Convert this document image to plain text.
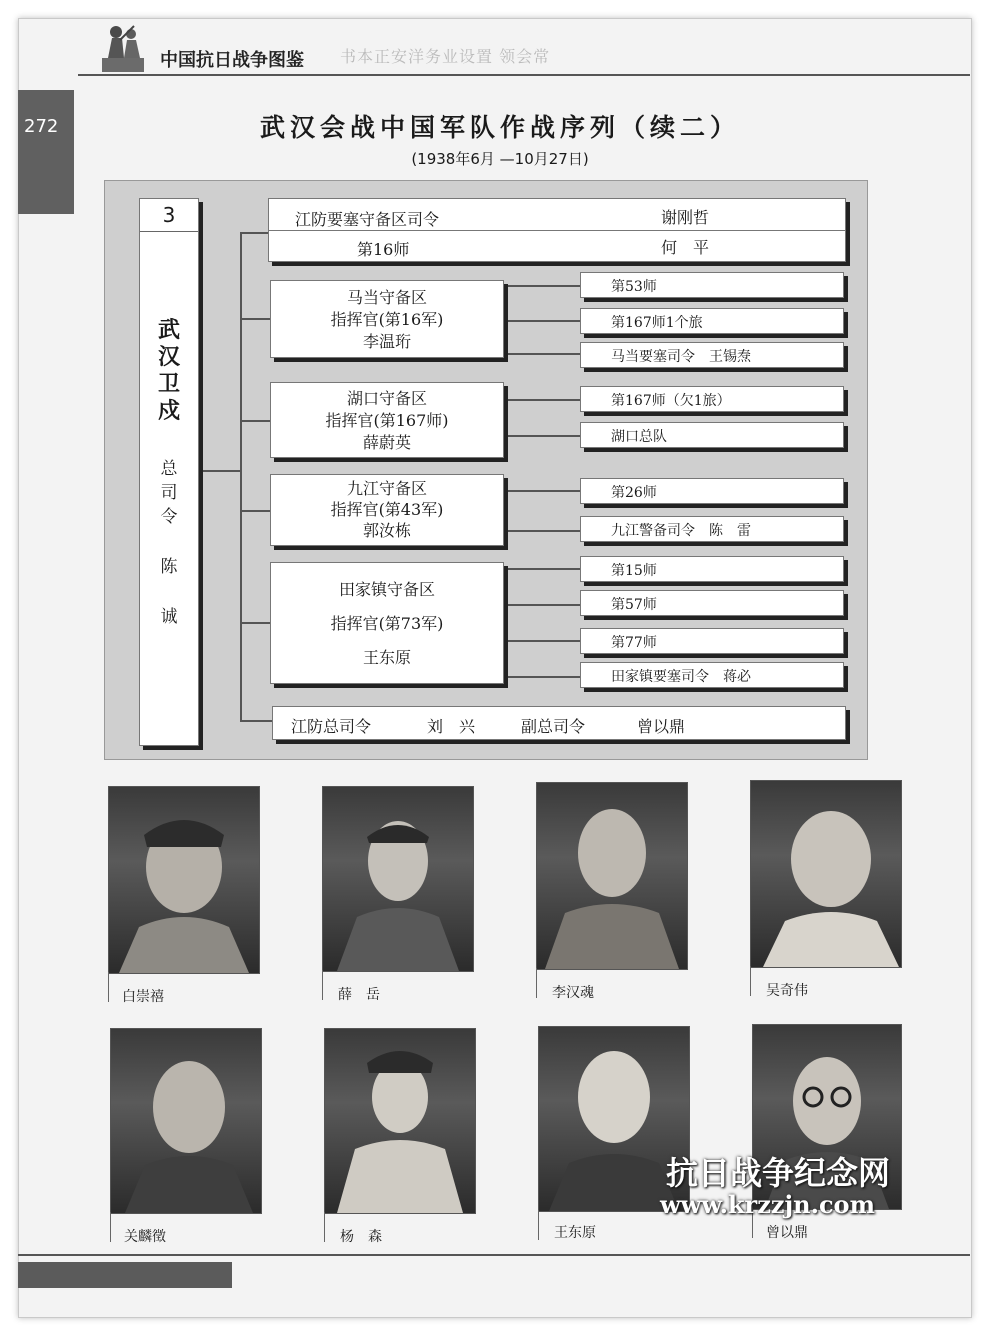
中国抗日战争图鉴 书本正安洋务业设置 领会常
272	武汉会战中国军队作战序列（续二）
(1938年6月 —10月27日)
3
武
汉
卫
戍
总
司
令
陈
诚
江防要塞守备区司令	谢刚哲
第16师	何　平
马当守备区
指挥官(第16军)
李温珩
第53师
第167师1个旅
马当要塞司令　王锡焘
湖口守备区
指挥官(第167师)
薛蔚英
第167师（欠1旅）
湖口总队
九江守备区
指挥官(第43军)
郭汝栋
第26师
九江警备司令　陈　雷
田家镇守备区
指挥官(第73军)
王东原
第15师
第57师
第77师
田家镇要塞司令　蒋必
江防总司令	刘　兴	副总司令	曾以鼎
白崇禧	薛　岳	李汉魂	吴奇伟
关麟徵	杨　森	王东原	曾以鼎
抗日战争纪念网
www.krzzjn.com
